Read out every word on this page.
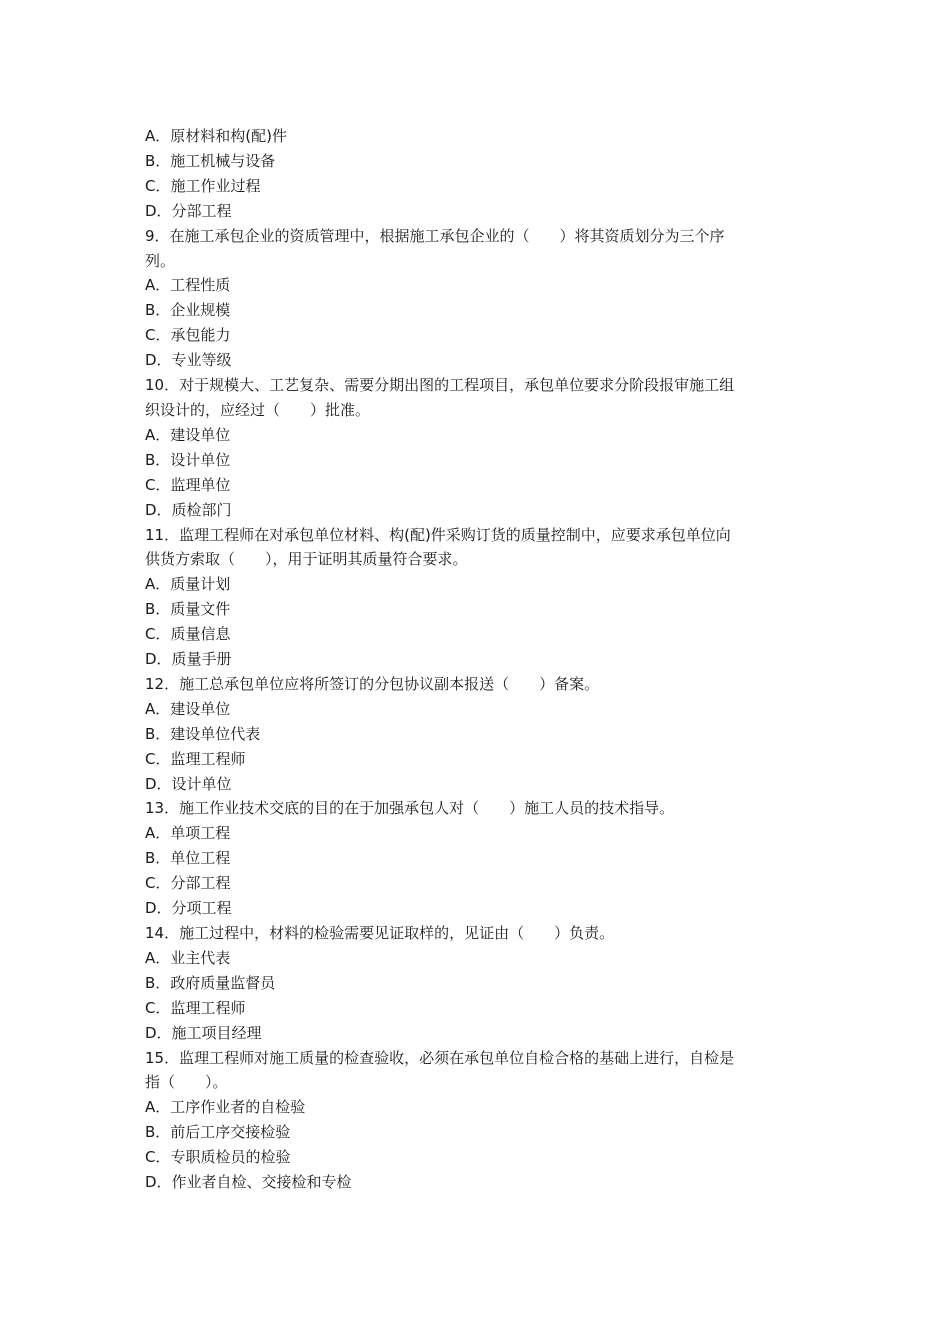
A．原材料和构(配)件
B．施工机械与设备
C．施工作业过程
D．分部工程
9．在施工承包企业的资质管理中，根据施工承包企业的（　　）将其资质划分为三个序
列。
A．工程性质
B．企业规模
C．承包能力
D．专业等级
10．对于规模大、工艺复杂、需要分期出图的工程项目，承包单位要求分阶段报审施工组
织设计的，应经过（　　）批准。
A．建设单位
B．设计单位
C．监理单位
D．质检部门
11．监理工程师在对承包单位材料、构(配)件采购订货的质量控制中，应要求承包单位向
供货方索取（　　），用于证明其质量符合要求。
A．质量计划
B．质量文件
C．质量信息
D．质量手册
12．施工总承包单位应将所签订的分包协议副本报送（　　）备案。
A．建设单位
B．建设单位代表
C．监理工程师
D．设计单位
13．施工作业技术交底的目的在于加强承包人对（　　）施工人员的技术指导。
A．单项工程
B．单位工程
C．分部工程
D．分项工程
14．施工过程中，材料的检验需要见证取样的，见证由（　　）负责。
A．业主代表
B．政府质量监督员
C．监理工程师
D．施工项目经理
15．监理工程师对施工质量的检查验收，必须在承包单位自检合格的基础上进行，自检是
指（　　）。
A．工序作业者的自检验
B．前后工序交接检验
C．专职质检员的检验
D．作业者自检、交接检和专检
